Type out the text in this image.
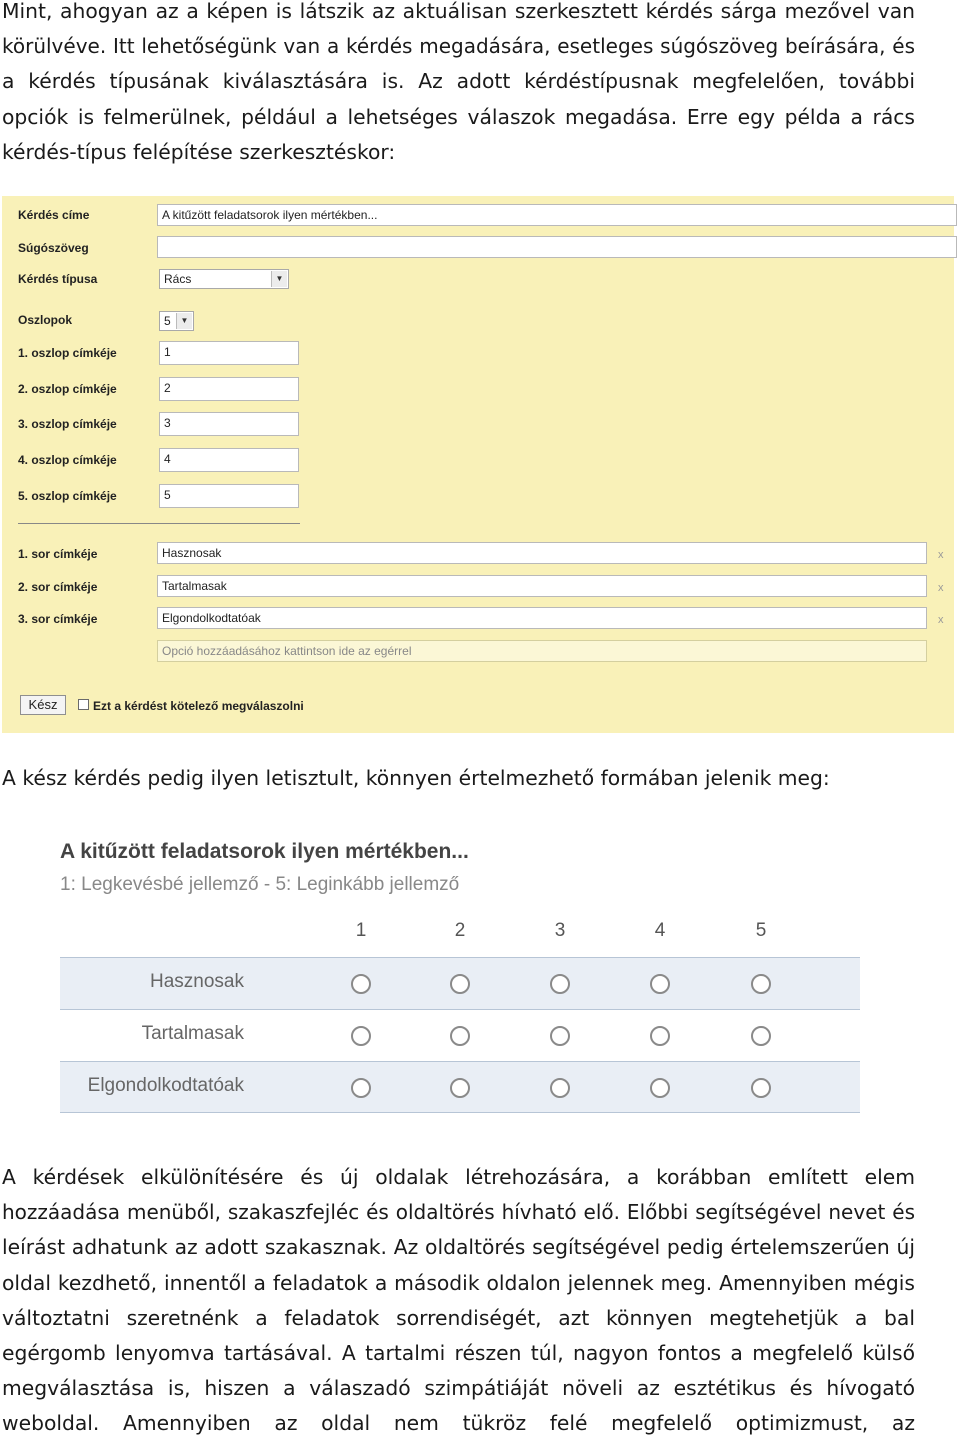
Mint, ahogyan az a képen is látszik az aktuálisan szerkesztett kérdés sárga mezővel van
körülvéve. Itt lehetőségünk van a kérdés megadására, esetleges súgószöveg beírására, és
a kérdés típusának kiválasztására is. Az adott kérdéstípusnak megfelelően, további
opciók is felmerülnek, például a lehetséges válaszok megadása. Erre egy példa a rács
kérdés-típus felépítése szerkesztéskor:
Kérdés címe	A kitűzött feladatsorok ilyen mértékben...
Súgószöveg
Kérdés típusa	Rács	▼
Oszlopok	5	▼
1. oszlop címkéje	1
2. oszlop címkéje	2
3. oszlop címkéje	3
4. oszlop címkéje	4
5. oszlop címkéje	5
1. sor címkéje	Hasznosak	x
2. sor címkéje	Tartalmasak	x
3. sor címkéje	Elgondolkodtatóak	x
Opció hozzáadásához kattintson ide az egérrel
Kész	Ezt a kérdést kötelező megválaszolni
A kész kérdés pedig ilyen letisztult, könnyen értelmezhető formában jelenik meg:
A kitűzött feladatsorok ilyen mértékben...
1: Legkevésbé jellemző - 5: Leginkább jellemző
1	2	3	4	5
Hasznosak
Tartalmasak
Elgondolkodtatóak
A kérdések elkülönítésére és új oldalak létrehozására, a korábban említett elem
hozzáadása menüből, szakaszfejléc és oldaltörés hívható elő. Előbbi segítségével nevet és
leírást adhatunk az adott szakasznak. Az oldaltörés segítségével pedig értelemszerűen új
oldal kezdhető, innentől a feladatok a második oldalon jelennek meg. Amennyiben mégis
változtatni szeretnénk a feladatok sorrendiségét, azt könnyen megtehetjük a bal
egérgomb lenyomva tartásával. A tartalmi részen túl, nagyon fontos a megfelelő külső
megválasztása is, hiszen a válaszadó szimpátiáját növeli az esztétikus és hívogató
weboldal. Amennyiben az oldal nem tükröz felé megfelelő optimizmust, az
